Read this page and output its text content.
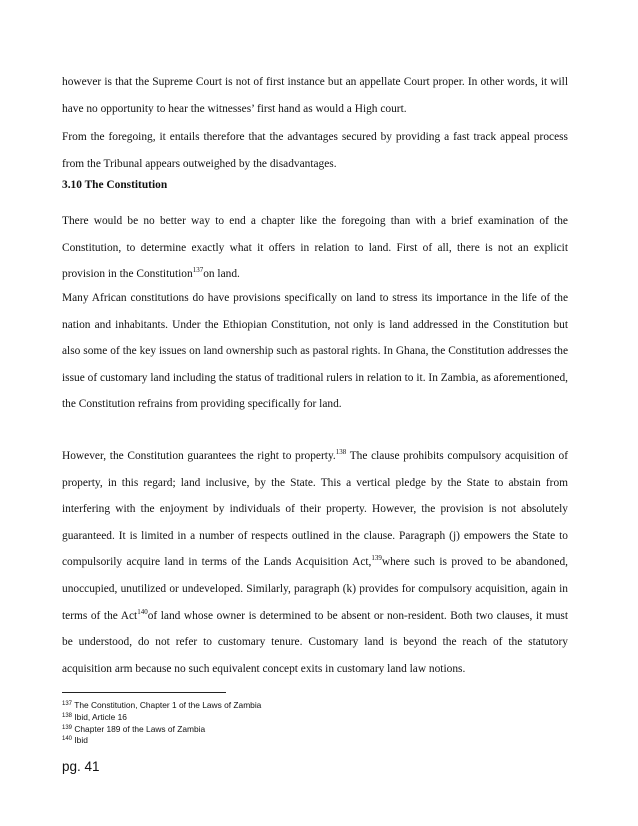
however is that the Supreme Court is not of first instance but an appellate Court proper. In other words, it will have no opportunity to hear the witnesses’ first hand as would a High court.

From the foregoing, it entails therefore that the advantages secured by providing a fast track appeal process from the Tribunal appears outweighed by the disadvantages.

3.10 The Constitution

There would be no better way to end a chapter like the foregoing than with a brief examination of the Constitution, to determine exactly what it offers in relation to land. First of all, there is not an explicit provision in the Constitution$^{137}$on land.

Many African constitutions do have provisions specifically on land to stress its importance in the life of the nation and inhabitants. Under the Ethiopian Constitution, not only is land addressed in the Constitution but also some of the key issues on land ownership such as pastoral rights. In Ghana, the Constitution addresses the issue of customary land including the status of traditional rulers in relation to it. In Zambia, as aforementioned, the Constitution refrains from providing specifically for land.

However, the Constitution guarantees the right to property.$^{138}$ The clause prohibits compulsory acquisition of property, in this regard; land inclusive, by the State. This a vertical pledge by the State to abstain from interfering with the enjoyment by individuals of their property. However, the provision is not absolutely guaranteed. It is limited in a number of respects outlined in the clause. Paragraph (j) empowers the State to compulsorily acquire land in terms of the Lands Acquisition Act,$^{139}$where such is proved to be abandoned, unoccupied, unutilized or undeveloped. Similarly, paragraph (k) provides for compulsory acquisition, again in terms of the Act$^{140}$of land whose owner is determined to be absent or non-resident. Both two clauses, it must be understood, do not refer to customary tenure. Customary land is beyond the reach of the statutory acquisition arm because no such equivalent concept exits in customary land law notions.

$^{137}$ The Constitution, Chapter 1 of the Laws of Zambia
$^{138}$ Ibid, Article 16
$^{139}$ Chapter 189 of the Laws of Zambia
$^{140}$ Ibid
pg. 41
